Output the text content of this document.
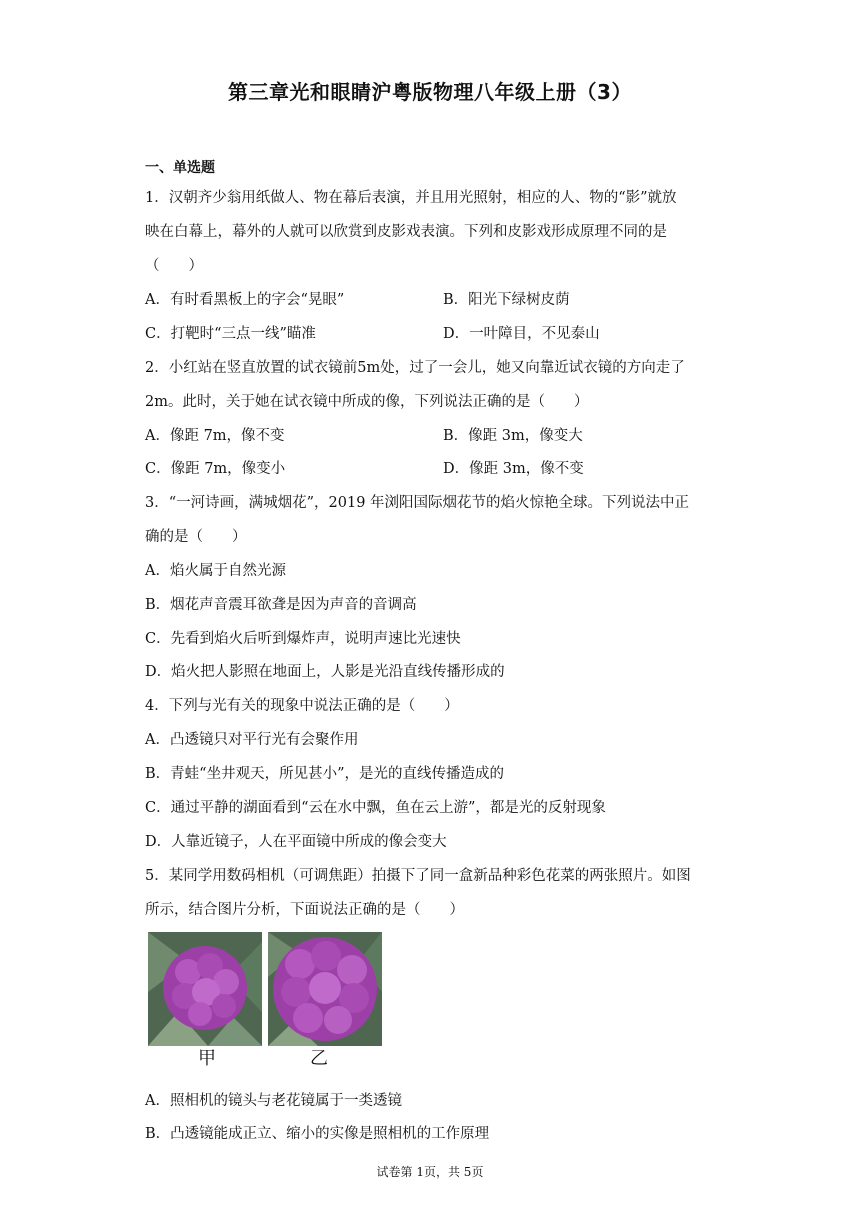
第三章光和眼睛沪粤版物理八年级上册（3）
一、单选题
1．汉朝齐少翁用纸做人、物在幕后表演，并且用光照射，相应的人、物的“影”就放
映在白幕上，幕外的人就可以欣赏到皮影戏表演。下列和皮影戏形成原理不同的是
（　　）
A．有时看黑板上的字会“晃眼”	B．阳光下绿树皮荫
C．打靶时“三点一线”瞄准	D．一叶障目，不见泰山
2．小红站在竖直放置的试衣镜前5m处，过了一会儿，她又向靠近试衣镜的方向走了
2m。此时，关于她在试衣镜中所成的像，下列说法正确的是（　　）
A．像距 7m，像不变	B．像距 3m，像变大
C．像距 7m，像变小	D．像距 3m，像不变
3．“一河诗画，满城烟花”，2019 年浏阳国际烟花节的焰火惊艳全球。下列说法中正
确的是（　　）
A．焰火属于自然光源
B．烟花声音震耳欲聋是因为声音的音调高
C．先看到焰火后听到爆炸声，说明声速比光速快
D．焰火把人影照在地面上，人影是光沿直线传播形成的
4．下列与光有关的现象中说法正确的是（　　）
A．凸透镜只对平行光有会聚作用
B．青蛙“坐井观天，所见甚小”，是光的直线传播造成的
C．通过平静的湖面看到“云在水中飘，鱼在云上游”，都是光的反射现象
D．人靠近镜子，人在平面镜中所成的像会变大
5．某同学用数码相机（可调焦距）拍摄下了同一盒新品种彩色花菜的两张照片。如图
所示，结合图片分析，下面说法正确的是（　　）
甲	乙
A．照相机的镜头与老花镜属于一类透镜
B．凸透镜能成正立、缩小的实像是照相机的工作原理
试卷第 1页，共 5页
